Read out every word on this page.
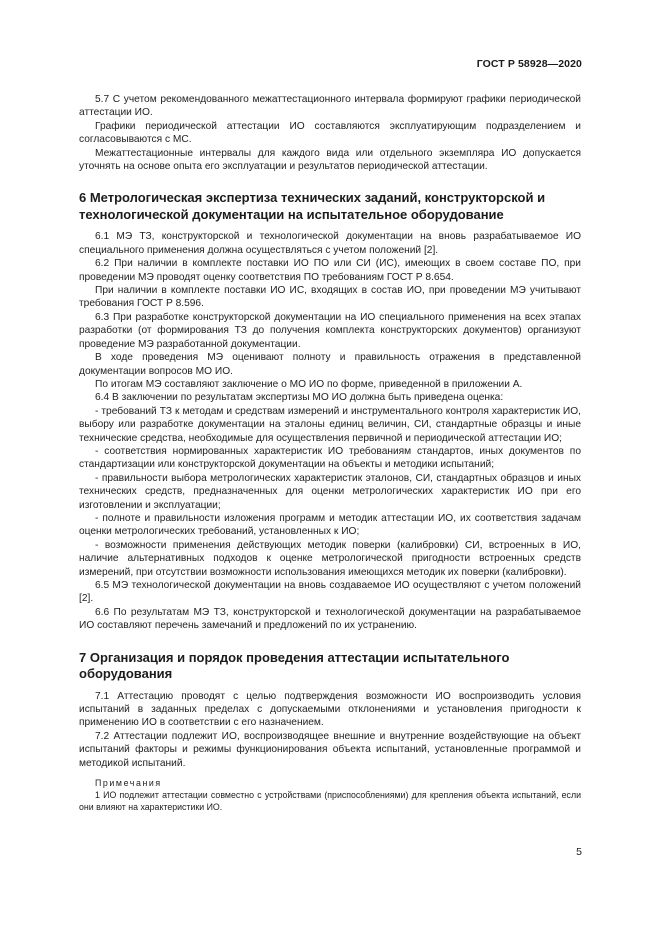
ГОСТ Р 58928—2020

5.7 С учетом рекомендованного межаттестационного интервала формируют графики периодической аттестации ИО.

Графики периодической аттестации ИО составляются эксплуатирующим подразделением и согласовываются с МС.

Межаттестационные интервалы для каждого вида или отдельного экземпляра ИО допускается уточнять на основе опыта его эксплуатации и результатов периодической аттестации.

6 Метрологическая экспертиза технических заданий, конструкторской и технологической документации на испытательное оборудование

6.1 МЭ ТЗ, конструкторской и технологической документации на вновь разрабатываемое ИО специального применения должна осуществляться с учетом положений [2].

6.2 При наличии в комплекте поставки ИО ПО или СИ (ИС), имеющих в своем составе ПО, при проведении МЭ проводят оценку соответствия ПО требованиям ГОСТ Р 8.654.

При наличии в комплекте поставки ИО ИС, входящих в состав ИО, при проведении МЭ учитывают требования ГОСТ Р 8.596.

6.3 При разработке конструкторской документации на ИО специального применения на всех этапах разработки (от формирования ТЗ до получения комплекта конструкторских документов) организуют проведение МЭ разработанной документации.

В ходе проведения МЭ оценивают полноту и правильность отражения в представленной документации вопросов МО ИО.

По итогам МЭ составляют заключение о МО ИО по форме, приведенной в приложении А.

6.4 В заключении по результатам экспертизы МО ИО должна быть приведена оценка:

- требований ТЗ к методам и средствам измерений и инструментального контроля характеристик ИО, выбору или разработке документации на эталоны единиц величин, СИ, стандартные образцы и иные технические средства, необходимые для осуществления первичной и периодической аттестации ИО;

- соответствия нормированных характеристик ИО требованиям стандартов, иных документов по стандартизации или конструкторской документации на объекты и методики испытаний;

- правильности выбора метрологических характеристик эталонов, СИ, стандартных образцов и иных технических средств, предназначенных для оценки метрологических характеристик ИО при его изготовлении и эксплуатации;

- полноте и правильности изложения программ и методик аттестации ИО, их соответствия задачам оценки метрологических требований, установленных к ИО;

- возможности применения действующих методик поверки (калибровки) СИ, встроенных в ИО, наличие альтернативных подходов к оценке метрологической пригодности встроенных средств измерений, при отсутствии возможности использования имеющихся методик их поверки (калибровки).

6.5 МЭ технологической документации на вновь создаваемое ИО осуществляют с учетом положений [2].

6.6 По результатам МЭ ТЗ, конструкторской и технологической документации на разрабатываемое ИО составляют перечень замечаний и предложений по их устранению.

7 Организация и порядок проведения аттестации испытательного оборудования

7.1 Аттестацию проводят с целью подтверждения возможности ИО воспроизводить условия испытаний в заданных пределах с допускаемыми отклонениями и установления пригодности к применению ИО в соответствии с его назначением.

7.2 Аттестации подлежит ИО, воспроизводящее внешние и внутренние воздействующие на объект испытаний факторы и режимы функционирования объекта испытаний, установленные программой и методикой испытаний.

Примечания

1 ИО подлежит аттестации совместно с устройствами (приспособлениями) для крепления объекта испытаний, если они влияют на характеристики ИО.

5
